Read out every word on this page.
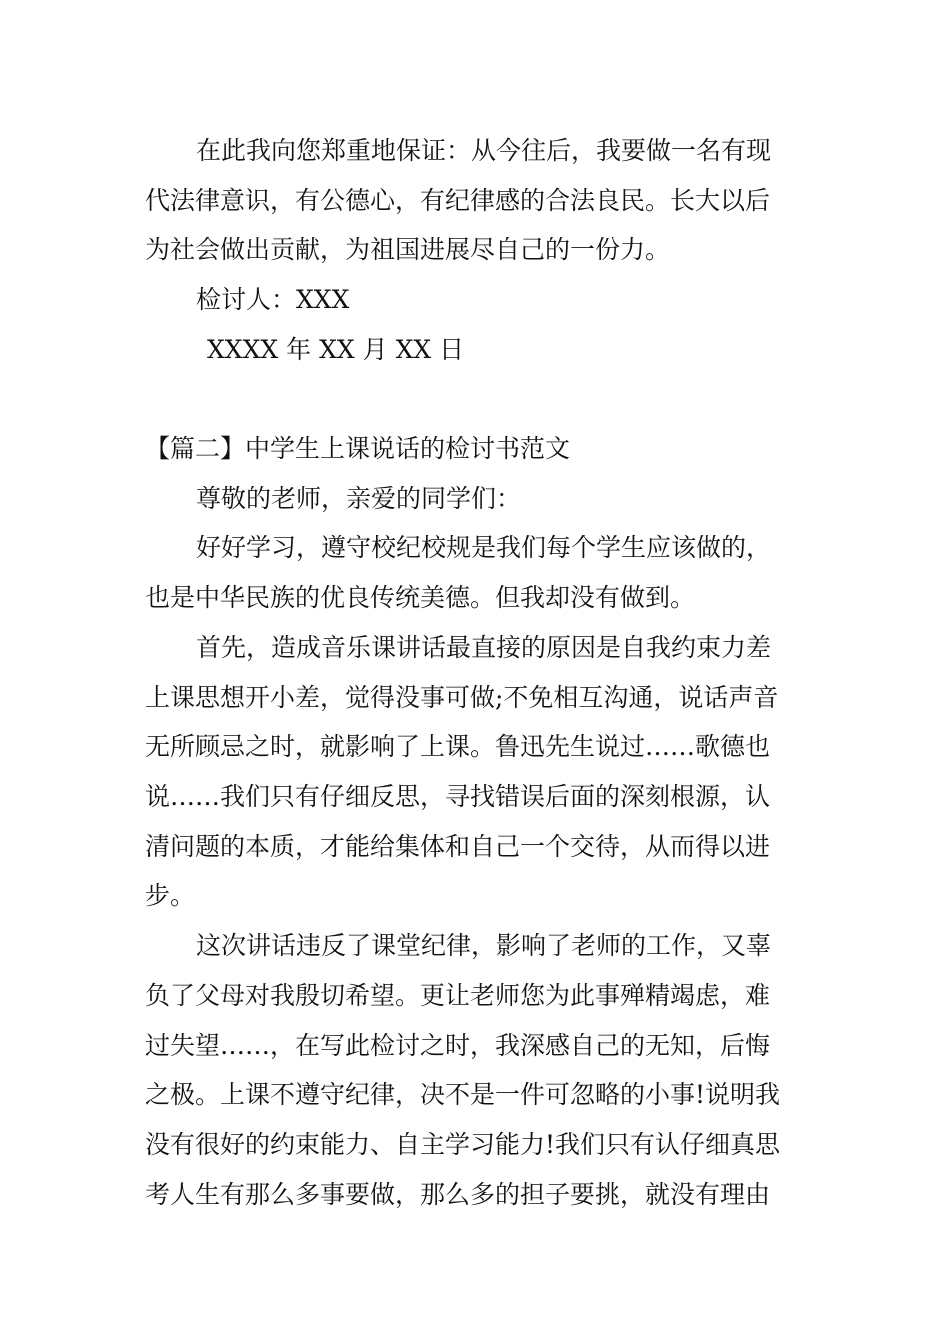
在此我向您郑重地保证：从今往后，我要做一名有现
代法律意识，有公德心，有纪律感的合法良民。长大以后
为社会做出贡献，为祖国进展尽自己的一份力。
检讨人：XXX
XXXX 年 XX 月 XX 日
【篇二】中学生上课说话的检讨书范文
尊敬的老师，亲爱的同学们：
好好学习，遵守校纪校规是我们每个学生应该做的，
也是中华民族的优良传统美德。但我却没有做到。
首先，造成音乐课讲话最直接的原因是自我约束力差
上课思想开小差，觉得没事可做;不免相互沟通，说话声音
无所顾忌之时，就影响了上课。鲁迅先生说过……歌德也
说……我们只有仔细反思，寻找错误后面的深刻根源，认
清问题的本质，才能给集体和自己一个交待，从而得以进
步。
这次讲话违反了课堂纪律，影响了老师的工作，又辜
负了父母对我殷切希望。更让老师您为此事殚精竭虑，难
过失望……，在写此检讨之时，我深感自己的无知，后悔
之极。上课不遵守纪律，决不是一件可忽略的小事!说明我
没有很好的约束能力、自主学习能力!我们只有认仔细真思
考人生有那么多事要做，那么多的担子要挑，就没有理由
